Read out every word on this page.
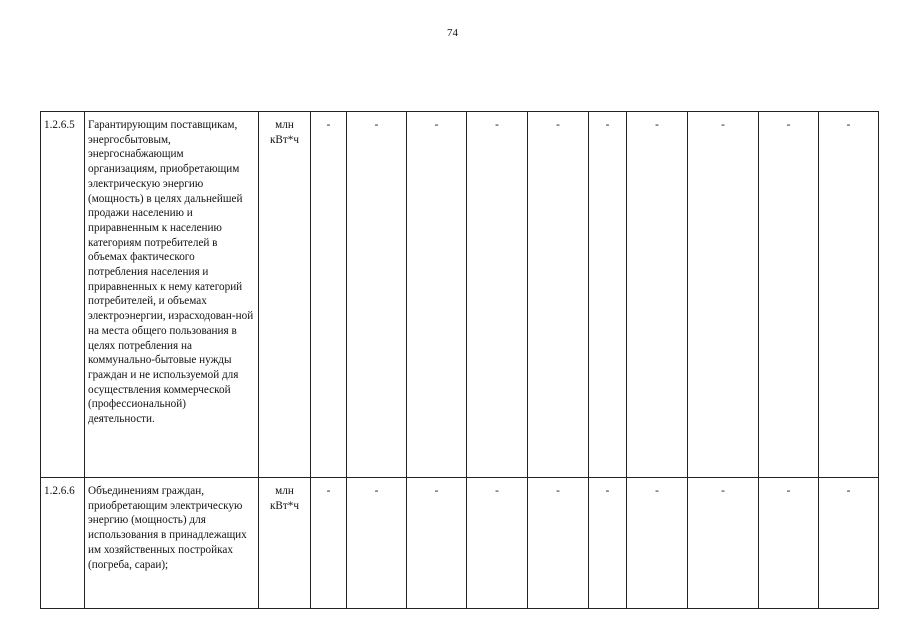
74
1.2.6.5	Гарантирующим поставщикам, энергосбытовым, энергоснабжающим организациям, приобретающим электрическую энергию (мощность) в целях дальнейшей продажи населению и приравненным к населению категориям потребителей в объемах фактического потребления населения и приравненных к нему категорий потребителей, и объемах электроэнергии, израсходован-ной на места общего пользования в целях потребления на коммунально-бытовые нужды граждан и не используемой для осуществления коммерческой (профессиональной) деятельности.	млн кВт*ч	-	-	-	-	-	-	-	-	-	-
1.2.6.6	Объединениям граждан, приобретающим электрическую энергию (мощность) для использования в принадлежащих им хозяйственных постройках (погреба, сараи);	млн кВт*ч	-	-	-	-	-	-	-	-	-	-
